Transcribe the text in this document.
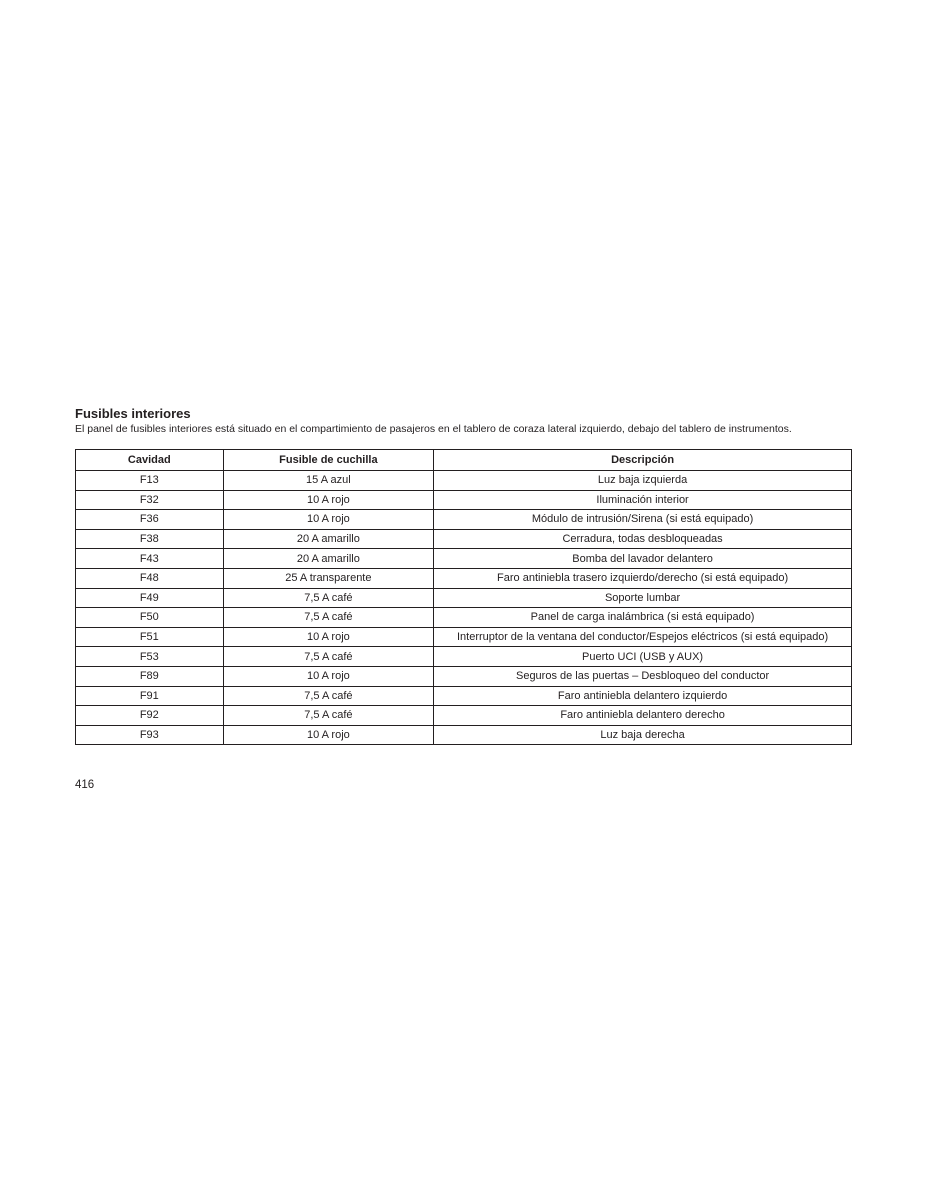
Fusibles interiores

El panel de fusibles interiores está situado en el compartimiento de pasajeros en el tablero de coraza lateral izquierdo, debajo del tablero de instrumentos.

Cavidad	Fusible de cuchilla	Descripción
F13	15 A azul	Luz baja izquierda
F32	10 A rojo	Iluminación interior
F36	10 A rojo	Módulo de intrusión/Sirena (si está equipado)
F38	20 A amarillo	Cerradura, todas desbloqueadas
F43	20 A amarillo	Bomba del lavador delantero
F48	25 A transparente	Faro antiniebla trasero izquierdo/derecho (si está equipado)
F49	7,5 A café	Soporte lumbar
F50	7,5 A café	Panel de carga inalámbrica (si está equipado)
F51	10 A rojo	Interruptor de la ventana del conductor/Espejos eléctricos (si está equipado)
F53	7,5 A café	Puerto UCI (USB y AUX)
F89	10 A rojo	Seguros de las puertas – Desbloqueo del conductor
F91	7,5 A café	Faro antiniebla delantero izquierdo
F92	7,5 A café	Faro antiniebla delantero derecho
F93	10 A rojo	Luz baja derecha
416
